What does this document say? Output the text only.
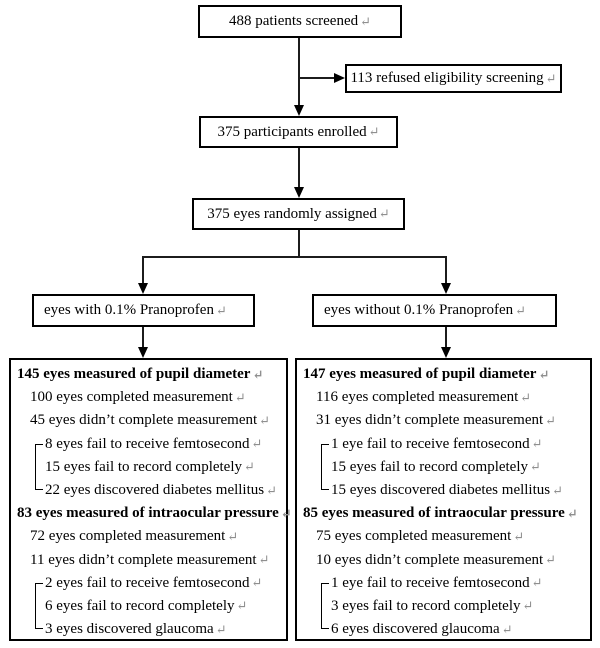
488 patients screened ↵
113 refused eligibility screening ↵
375 participants enrolled ↵
375 eyes randomly assigned ↵
eyes with 0.1% Pranoprofen ↵	eyes without 0.1% Pranoprofen ↵
145 eyes measured of pupil diameter ↵
100 eyes completed measurement ↵
45 eyes didn’t complete measurement ↵
8 eyes fail to receive femtosecond ↵
15 eyes fail to record completely ↵
22 eyes discovered diabetes mellitus ↵
83 eyes measured of intraocular pressure ↵
72 eyes completed measurement ↵
11 eyes didn’t complete measurement ↵
2 eyes fail to receive femtosecond ↵
6 eyes fail to record completely ↵
3 eyes discovered glaucoma ↵
147 eyes measured of pupil diameter ↵
116 eyes completed measurement ↵
31 eyes didn’t complete measurement ↵
1 eye fail to receive femtosecond ↵
15 eyes fail to record completely ↵
15 eyes discovered diabetes mellitus ↵
85 eyes measured of intraocular pressure ↵
75 eyes completed measurement ↵
10 eyes didn’t complete measurement ↵
1 eye fail to receive femtosecond ↵
3 eyes fail to record completely ↵
6 eyes discovered glaucoma ↵
